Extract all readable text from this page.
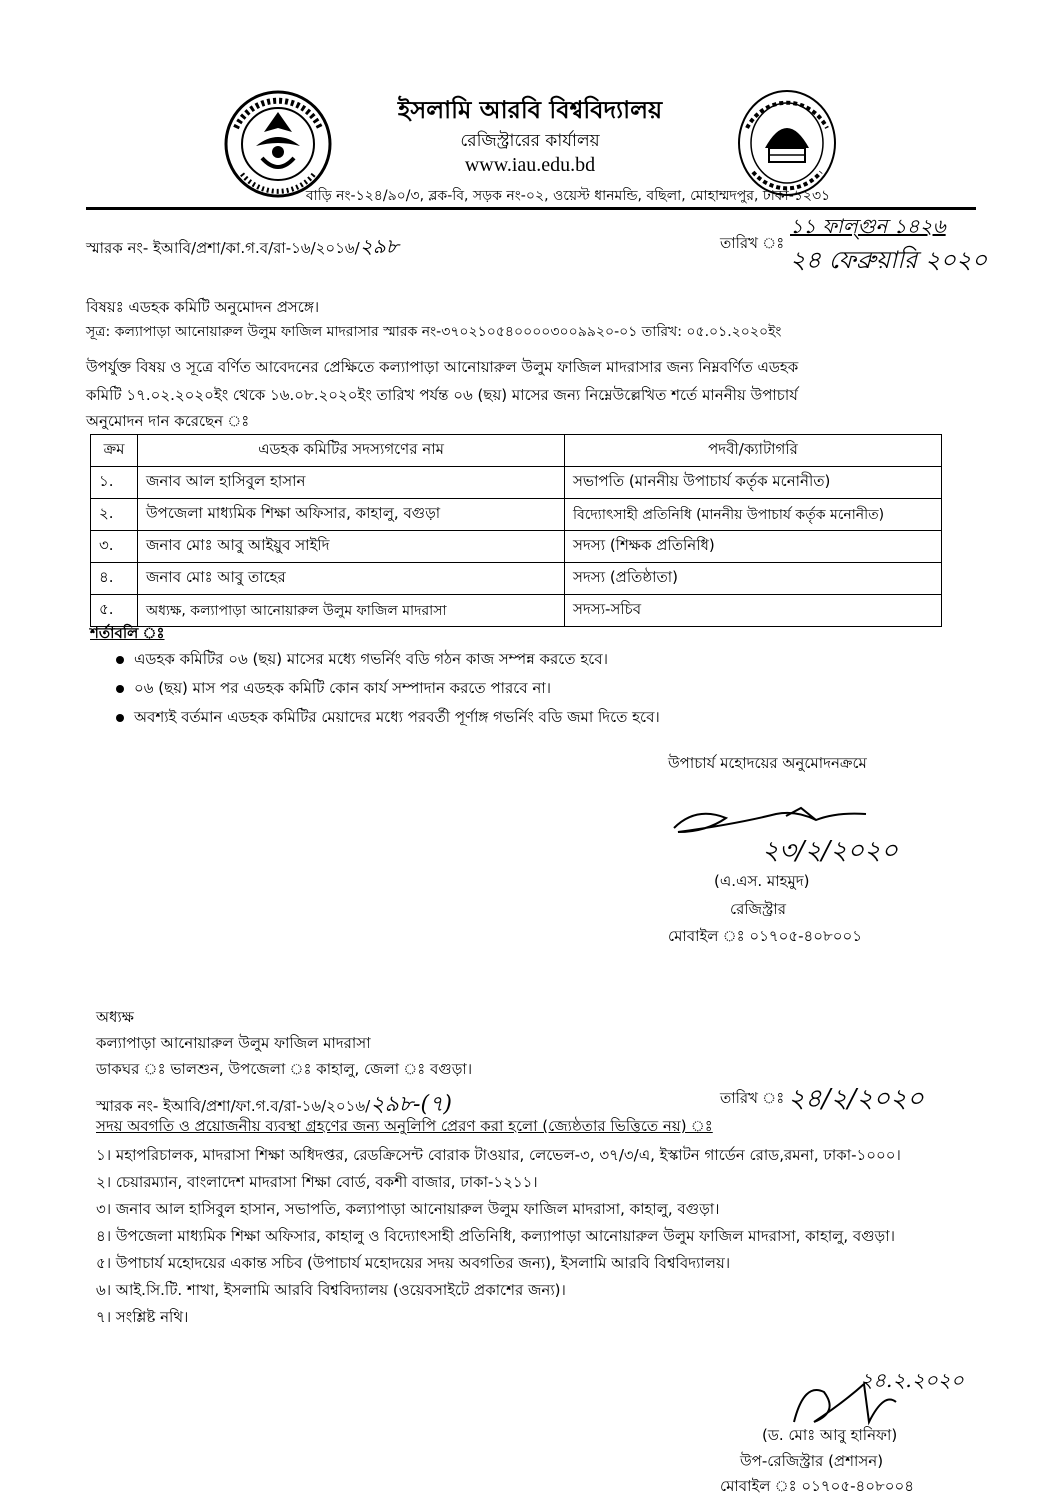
ইসলামি আরবি বিশ্ববিদ্যালয়
রেজিস্ট্রারের কার্যালয়
www.iau.edu.bd
বাড়ি নং-১২৪/৯০/৩, ব্লক-বি, সড়ক নং-০২, ওয়েস্ট ধানমন্ডি, বছিলা, মোহাম্মদপুর, ঢাকা-১২৩১
স্মারক নং- ইআবি/প্রশা/কা.গ.ব/রা-১৬/২০১৬/২৯৮	তারিখ ঃ
১১ ফাল্গুন ১৪২৬
২৪ ফেব্রুয়ারি ২০২০
বিষয়ঃ এডহক কমিটি অনুমোদন প্রসঙ্গে।
সূত্র: কল্যাপাড়া আনোয়ারুল উলুম ফাজিল মাদরাসার স্মারক নং-৩৭০২১০৫৪০০০০৩০০৯৯২০-০১ তারিখ: ০৫.০১.২০২০ইং
উপর্যুক্ত বিষয় ও সূত্রে বর্ণিত আবেদনের প্রেক্ষিতে কল্যাপাড়া আনোয়ারুল উলুম ফাজিল মাদরাসার জন্য নিম্নবর্ণিত এডহক
কমিটি ১৭.০২.২০২০ইং থেকে ১৬.০৮.২০২০ইং তারিখ পর্যন্ত ০৬ (ছয়) মাসের জন্য নিম্নেউল্লেখিত শর্তে মাননীয় উপাচার্য
অনুমোদন দান করেছেন ঃ
ক্রম	এডহক কমিটির সদস্যগণের নাম	পদবী/ক্যাটাগরি
১.	জনাব আল হাসিবুল হাসান	সভাপতি (মাননীয় উপাচার্য কর্তৃক মনোনীত)
২.	উপজেলা মাধ্যমিক শিক্ষা অফিসার, কাহালু, বগুড়া	বিদ্যোৎসাহী প্রতিনিধি (মাননীয় উপাচার্য কর্তৃক মনোনীত)
৩.	জনাব মোঃ আবু আইয়ুব সাইদি	সদস্য (শিক্ষক প্রতিনিধি)
৪.	জনাব মোঃ আবু তাহের	সদস্য (প্রতিষ্ঠাতা)
৫.	অধ্যক্ষ, কল্যাপাড়া আনোয়ারুল উলুম ফাজিল মাদরাসা	সদস্য-সচিব
শর্তাবলি ঃ
এডহক কমিটির ০৬ (ছয়) মাসের মধ্যে গভর্নিং বডি গঠন কাজ সম্পন্ন করতে হবে।
০৬ (ছয়) মাস পর এডহক কমিটি কোন কার্য সম্পাদান করতে পারবে না।
অবশ্যই বর্তমান এডহক কমিটির মেয়াদের মধ্যে পরবর্তী পূর্ণাঙ্গ গভর্নিং বডি জমা দিতে হবে।
উপাচার্য মহোদয়ের অনুমোদনক্রমে
২৩/২/২০২০
(এ.এস. মাহমুদ)
রেজিস্ট্রার
মোবাইল ঃ ০১৭০৫-৪০৮০০১
অধ্যক্ষ
কল্যাপাড়া আনোয়ারুল উলুম ফাজিল মাদরাসা
ডাকঘর ঃ ভালশুন, উপজেলা ঃ কাহালু, জেলা ঃ বগুড়া।
স্মারক নং- ইআবি/প্রশা/ফা.গ.ব/রা-১৬/২০১৬/২৯৮-(৭)	তারিখ ঃ ২৪/২/২০২০
সদয় অবগতি ও প্রয়োজনীয় ব্যবস্থা গ্রহণের জন্য অনুলিপি প্রেরণ করা হলো (জ্যেষ্ঠতার ভিত্তিতে নয়) ঃ
১। মহাপরিচালক, মাদরাসা শিক্ষা অধিদপ্তর, রেডক্রিসেন্ট বোরাক টাওয়ার, লেভেল-৩, ৩৭/৩/এ, ইস্কাটন গার্ডেন রোড,রমনা, ঢাকা-১০০০।
২। চেয়ারম্যান, বাংলাদেশ মাদরাসা শিক্ষা বোর্ড, বকশী বাজার, ঢাকা-১২১১।
৩। জনাব আল হাসিবুল হাসান, সভাপতি, কল্যাপাড়া আনোয়ারুল উলুম ফাজিল মাদরাসা, কাহালু, বগুড়া।
৪। উপজেলা মাধ্যমিক শিক্ষা অফিসার, কাহালু ও বিদ্যোৎসাহী প্রতিনিধি, কল্যাপাড়া আনোয়ারুল উলুম ফাজিল মাদরাসা, কাহালু, বগুড়া।
৫। উপাচার্য মহোদয়ের একান্ত সচিব (উপাচার্য মহোদয়ের সদয় অবগতির জন্য), ইসলামি আরবি বিশ্ববিদ্যালয়।
৬। আই.সি.টি. শাখা, ইসলামি আরবি বিশ্ববিদ্যালয় (ওয়েবসাইটে প্রকাশের জন্য)।
৭। সংশ্লিষ্ট নথি।
২৪.২.২০২০
(ড. মোঃ আবু হানিফা)
উপ-রেজিস্ট্রার (প্রশাসন)
মোবাইল ঃ ০১৭০৫-৪০৮০০৪
